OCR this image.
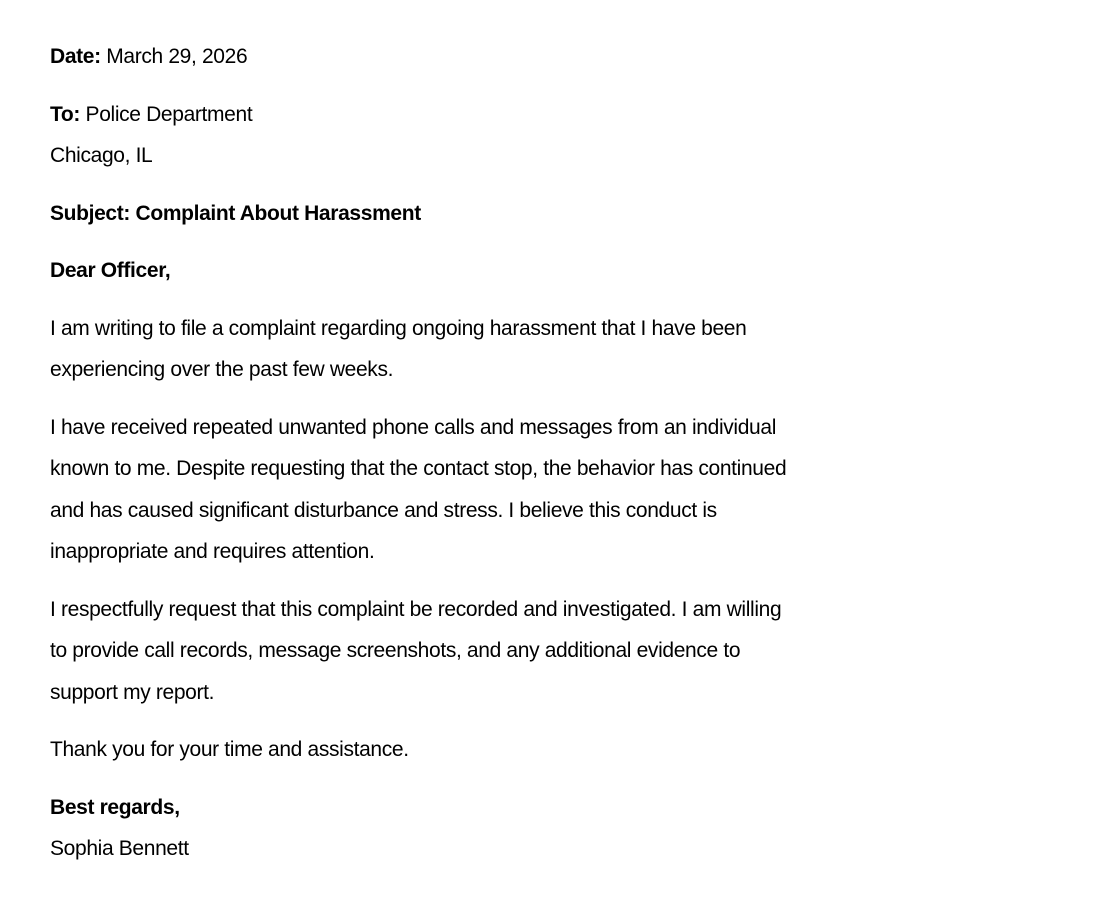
Date: March 29, 2026
To: Police Department
Chicago, IL
Subject: Complaint About Harassment
Dear Officer,
I am writing to file a complaint regarding ongoing harassment that I have been
experiencing over the past few weeks.
I have received repeated unwanted phone calls and messages from an individual
known to me. Despite requesting that the contact stop, the behavior has continued
and has caused significant disturbance and stress. I believe this conduct is
inappropriate and requires attention.
I respectfully request that this complaint be recorded and investigated. I am willing
to provide call records, message screenshots, and any additional evidence to
support my report.
Thank you for your time and assistance.
Best regards,
Sophia Bennett
